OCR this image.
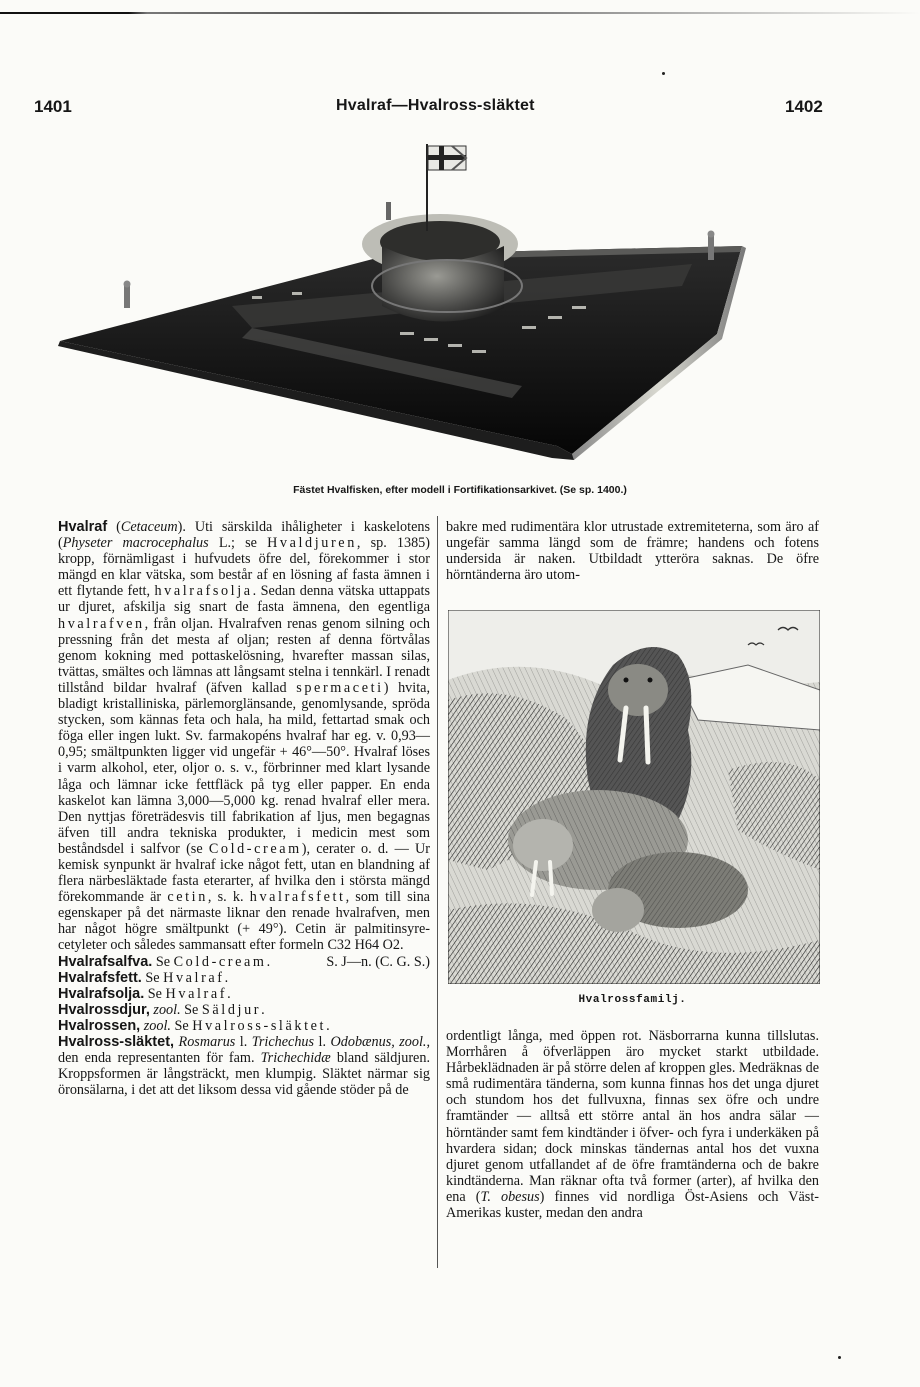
1401	Hvalraf—Hvalross-släktet	1402
Fästet Hvalfisken, efter modell i Fortifikationsarkivet. (Se sp. 1400.)

Hvalraf (Cetaceum). Uti särskilda ihåligheter i kaskelotens (Physeter macrocephalus L.; se Hvaldjuren, sp. 1385) kropp, förnämligast i hufvudets öfre del, förekommer i stor mängd en klar vätska, som består af en lösning af fasta ämnen i ett flytande fett, hvalrafsolja. Sedan denna vätska uttappats ur djuret, afskilja sig snart de fasta ämnena, den egentliga hvalrafven, från oljan. Hvalrafven renas genom silning och pressning från det mesta af oljan; resten af denna förtvålas genom kokning med pottaskelösning, hvarefter massan silas, tvättas, smältes och lämnas att långsamt stelna i tennkärl. I renadt tillstånd bildar hvalraf (äfven kallad spermaceti) hvita, bladigt kristalliniska, pärlemorglänsande, genomlysande, spröda stycken, som kännas feta och hala, ha mild, fettartad smak och föga eller ingen lukt. Sv. farmakopéns hvalraf har eg. v. 0,93—0,95; smältpunkten ligger vid ungefär + 46°—50°. Hvalraf löses i varm alkohol, eter, oljor o. s. v., förbrinner med klart lysande låga och lämnar icke fettfläck på tyg eller papper. En enda kaskelot kan lämna 3,000—5,000 kg. renad hvalraf eller mera. Den nyttjas företrädesvis till fabrikation af ljus, men begagnas äfven till andra tekniska produkter, i medicin mest som beståndsdel i salfvor (se Cold-cream), cerater o. d. — Ur kemisk synpunkt är hvalraf icke något fett, utan en blandning af flera närbesläktade fasta eterarter, af hvilka den i största mängd förekommande är cetin, s. k. hvalrafsfett, som till sina egenskaper på det närmaste liknar den renade hvalrafven, men har något högre smältpunkt (+ 49°). Cetin är palmitinsyre-cetyleter och således sammansatt efter formeln C32 H64 O2.
S. J—n. (C. G. S.)

Hvalrafsalfva. Se Cold-cream.

Hvalrafsfett. Se Hvalraf.

Hvalrafsolja. Se Hvalraf.

Hvalrossdjur, zool. Se Säldjur.

Hvalrossen, zool. Se Hvalross-släktet.

Hvalross-släktet, Rosmarus l. Trichechus l. Odobænus, zool., den enda representanten för fam. Trichechidæ bland säldjuren. Kroppsformen är långsträckt, men klumpig. Släktet närmar sig öronsälarna, i det att det liksom dessa vid gående stöder på de

bakre med rudimentära klor utrustade extremiteterna, som äro af ungefär samma längd som de främre; handens och fotens undersida är naken. Utbildadt ytteröra saknas. De öfre hörntänderna äro utom-

Hvalrossfamilj.

ordentligt långa, med öppen rot. Näsborrarna kunna tillslutas. Morrhåren å öfverläppen äro mycket starkt utbildade. Hårbeklädnaden är på större delen af kroppen gles. Medräknas de små rudimentära tänderna, som kunna finnas hos det unga djuret och stundom hos det fullvuxna, finnas sex öfre och undre framtänder — alltså ett större antal än hos andra sälar — hörntänder samt fem kindtänder i öfver- och fyra i underkäken på hvardera sidan; dock minskas tändernas antal hos det vuxna djuret genom utfallandet af de öfre framtänderna och de bakre kindtänderna. Man räknar ofta två former (arter), af hvilka den ena (T. obesus) finnes vid nordliga Öst-Asiens och Väst-Amerikas kuster, medan den andra
